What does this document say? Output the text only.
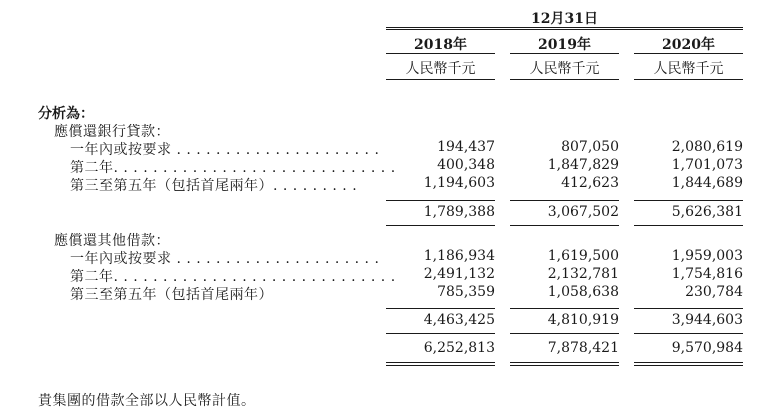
12月31日
2018年	2019年	2020年
人民幣千元	人民幣千元	人民幣千元
分析為：
應償還銀行貸款：
一年內或按要求 . . . . . . . . . . . . . . . . . . . . .	194,437	807,050	2,080,619
第二年. . . . . . . . . . . . . . . . . . . . . . . . . . . . .	400,348	1,847,829	1,701,073
第三至第五年（包括首尾兩年）. . . . . . . . .	1,194,603	412,623	1,844,689
1,789,388	3,067,502	5,626,381
應償還其他借款：
一年內或按要求 . . . . . . . . . . . . . . . . . . . . .	1,186,934	1,619,500	1,959,003
第二年. . . . . . . . . . . . . . . . . . . . . . . . . . . . .	2,491,132	2,132,781	1,754,816
第三至第五年（包括首尾兩年）	785,359	1,058,638	230,784
4,463,425	4,810,919	3,944,603
6,252,813	7,878,421	9,570,984
貴集團的借款全部以人民幣計值。
